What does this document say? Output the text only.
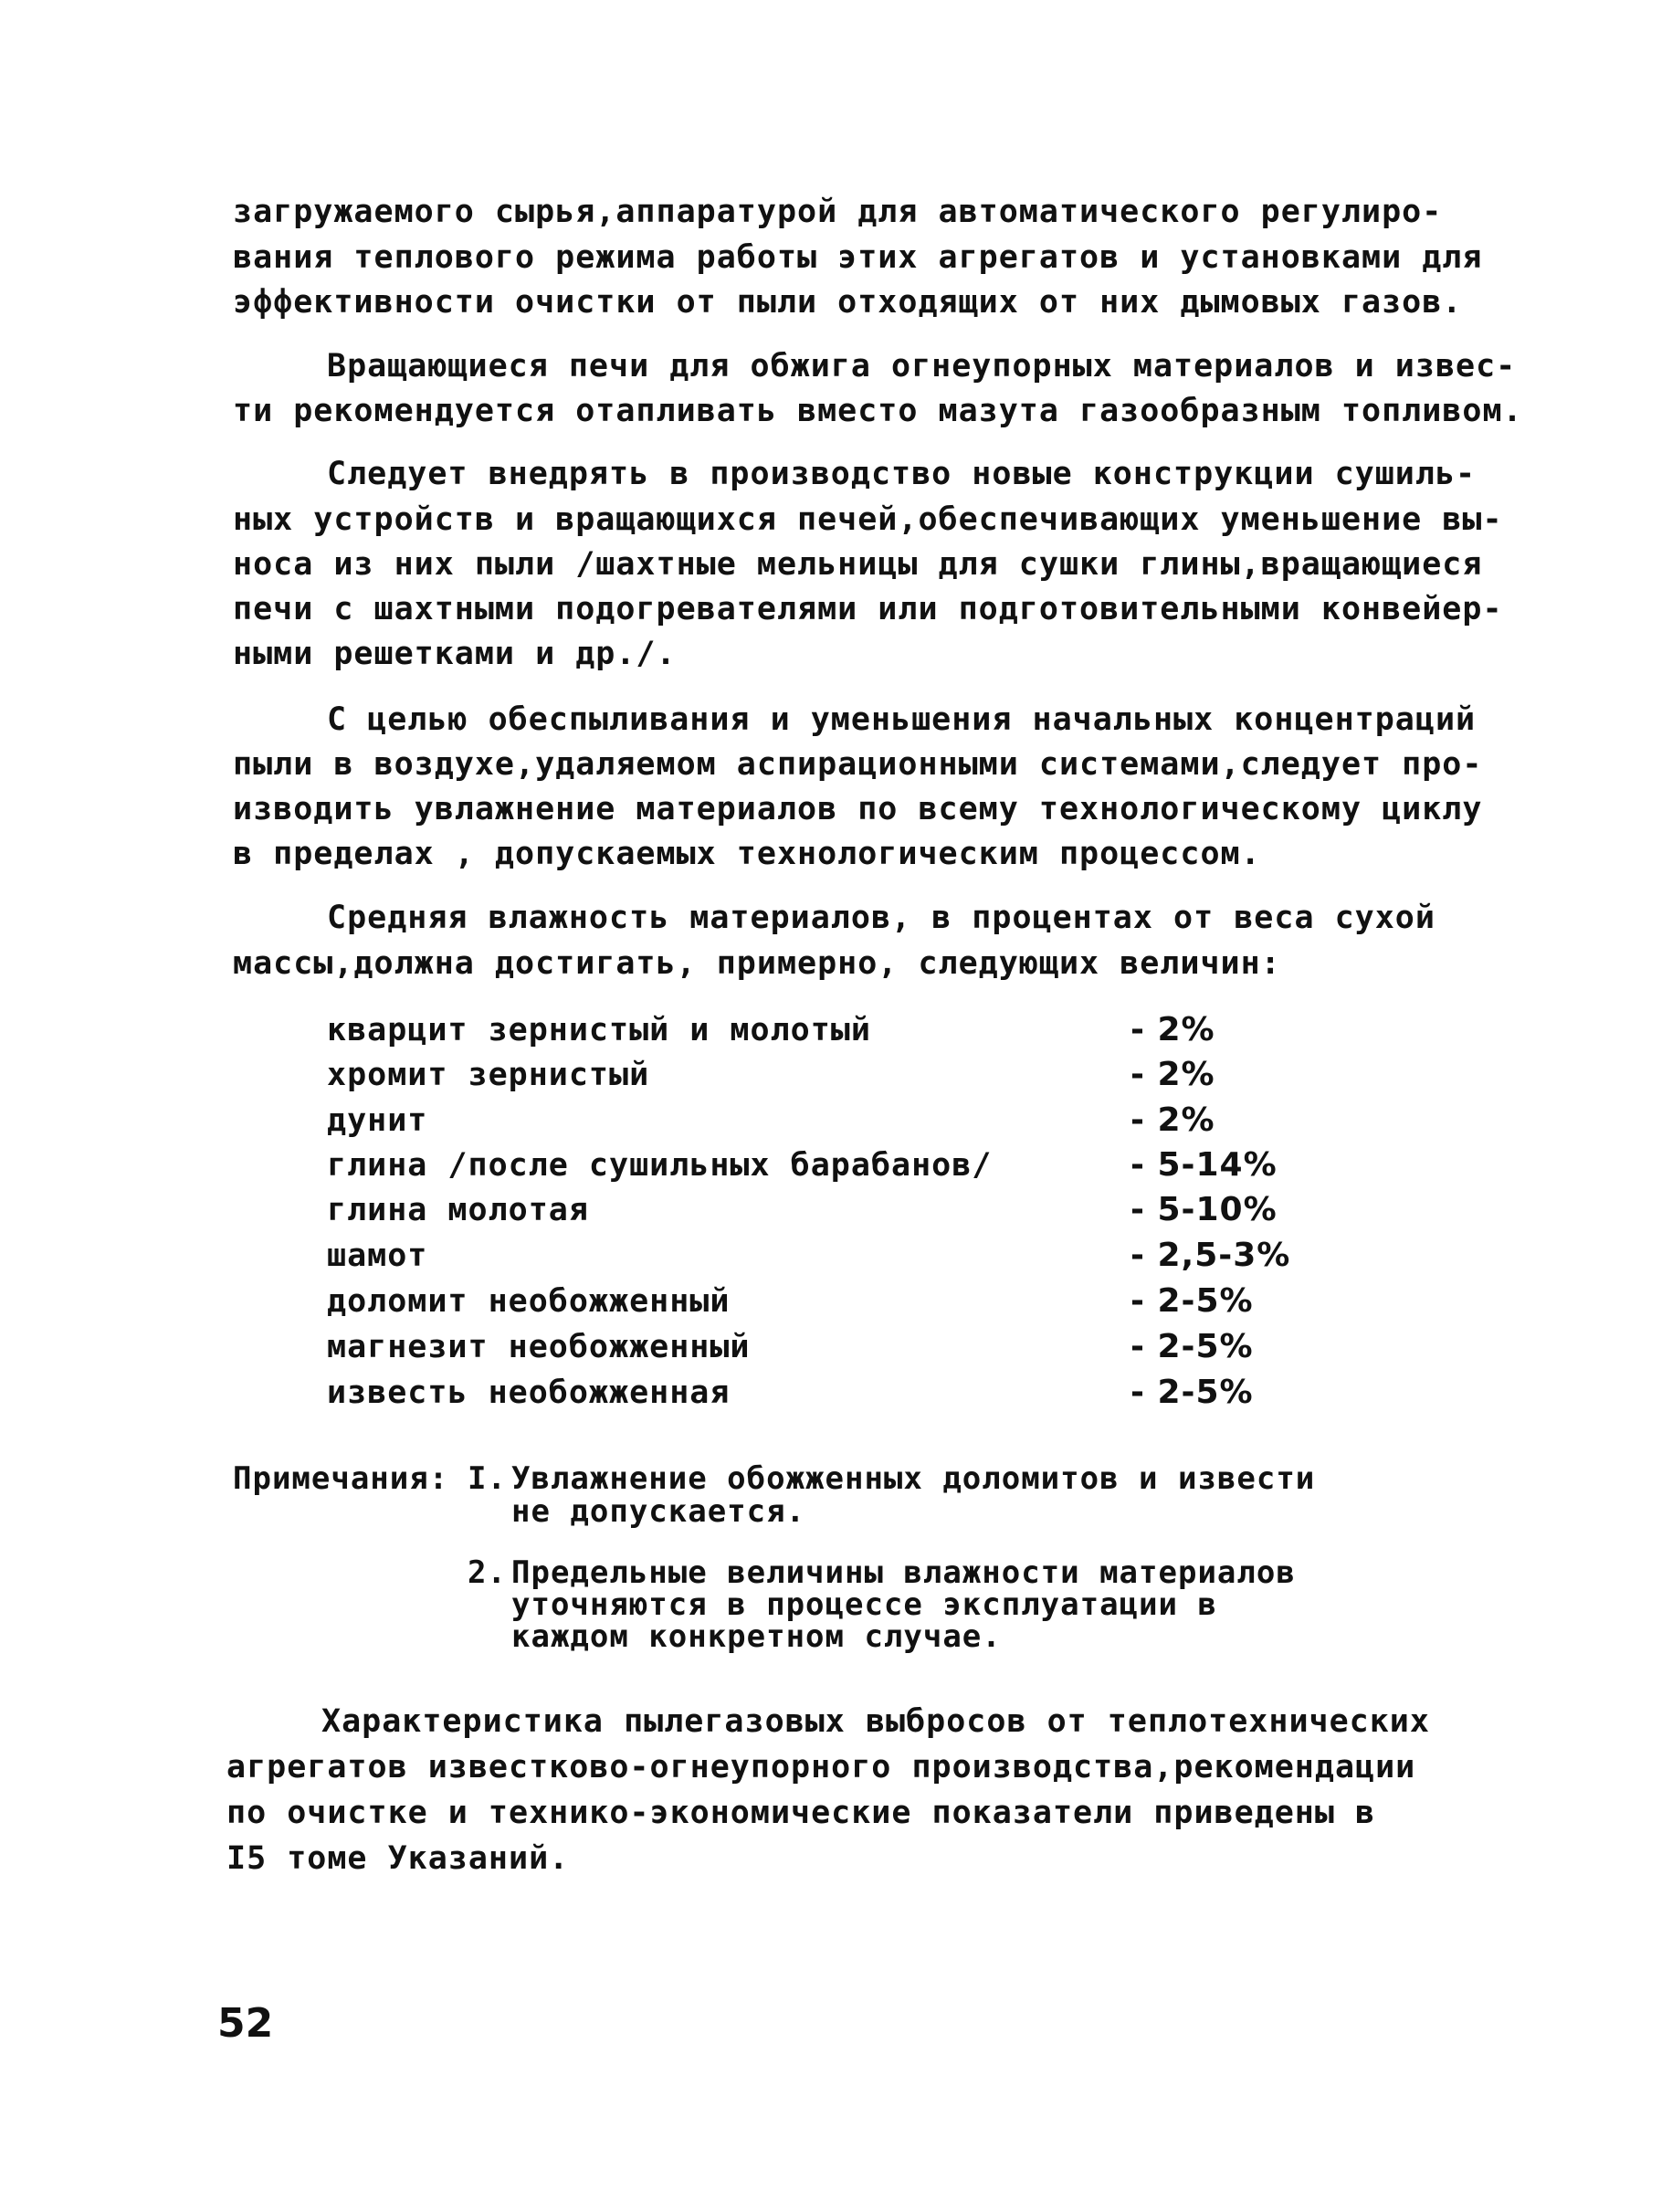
загружаемого сырья,аппаратурой для автоматического регулиро-
вания теплового режима работы этих агрегатов и установками для
эффективности очистки от пыли отходящих от них дымовых газов.
Вращающиеся печи для обжига огнеупорных материалов и извес-
ти рекомендуется отапливать вместо мазута газообразным топливом.
Следует внедрять в производство новые конструкции сушиль-
ных устройств и вращающихся печей,обеспечивающих уменьшение вы-
носа из них пыли /шахтные мельницы для сушки глины,вращающиеся
печи с шахтными подогревателями или подготовительными конвейер-
ными решетками и др./.
С целью обеспыливания и уменьшения начальных концентраций
пыли в воздухе,удаляемом аспирационными системами,следует про-
изводить увлажнение материалов по всему технологическому циклу
в пределах , допускаемых технологическим процессом.
Средняя влажность материалов, в процентах от веса сухой
массы,должна достигать, примерно, следующих величин:
кварцит зернистый и молотый	- 2%
хромит зернистый	- 2%
дунит	- 2%
глина /после сушильных барабанов/	- 5-14%
глина молотая	- 5-10%
шамот	- 2,5-3%
доломит необожженный	- 2-5%
магнезит необожженный	- 2-5%
известь необожженная	- 2-5%
Примечания: I. Увлажнение обожженных доломитов и извести
не допускается.
2. Предельные величины влажности материалов
уточняются в процессе эксплуатации в
каждом конкретном случае.
Характеристика пылегазовых выбросов от теплотехнических
агрегатов известково-огнеупорного производства,рекомендации
по очистке и технико-экономические показатели приведены в
I5 томе Указаний.
52
